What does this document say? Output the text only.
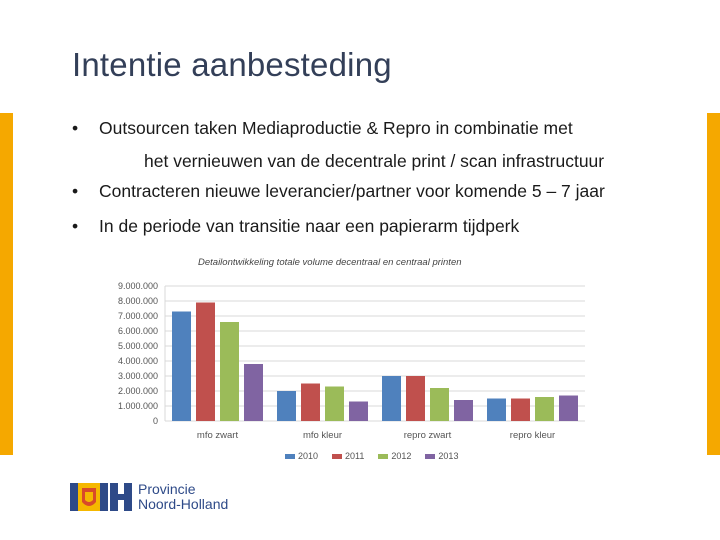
Intentie aanbesteding
• Outsourcen taken Mediaproductie & Repro in combinatie met
het vernieuwen van de decentrale print / scan infrastructuur
• Contracteren nieuwe leverancier/partner voor komende 5 – 7 jaar
• In de periode van transitie naar een papierarm tijdperk
0
1.000.000
2.000.000
3.000.000
4.000.000
5.000.000
6.000.000
7.000.000
8.000.000
9.000.000
mfo zwart	mfo kleur	repro zwart	repro kleur
Detailontwikkeling totale volume decentraal en centraal printen
2010	2011	2012	2013
Provincie
Noord-Holland
